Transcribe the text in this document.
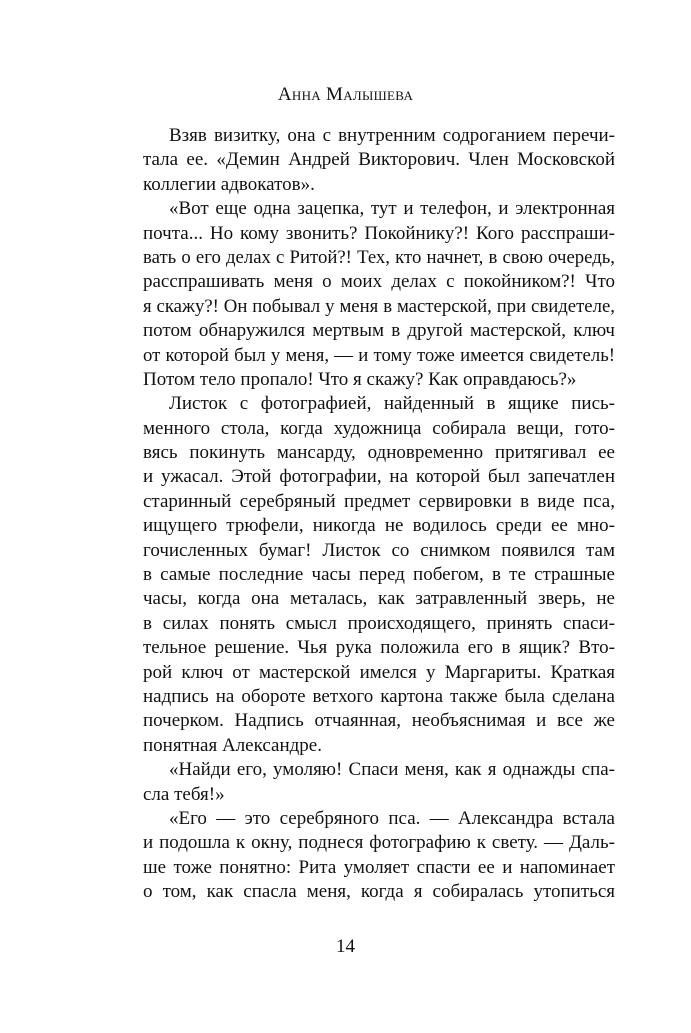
Анна Малышева
Взяв визитку, она с внутренним содроганием перечи-
тала ее. «Демин Андрей Викторович. Член Московской
коллегии адвокатов».
«Вот еще одна зацепка, тут и телефон, и электронная
почта... Но кому звонить? Покойнику?! Кого расспраши-
вать о его делах с Ритой?! Тех, кто начнет, в свою очередь,
расспрашивать меня о моих делах с покойником?! Что
я скажу?! Он побывал у меня в мастерской, при свидетеле,
потом обнаружился мертвым в другой мастерской, ключ
от которой был у меня, — и тому тоже имеется свидетель!
Потом тело пропало! Что я скажу? Как оправдаюсь?»
Листок с фотографией, найденный в ящике пись-
менного стола, когда художница собирала вещи, гото-
вясь покинуть мансарду, одновременно притягивал ее
и ужасал. Этой фотографии, на которой был запечатлен
старинный серебряный предмет сервировки в виде пса,
ищущего трюфели, никогда не водилось среди ее мно-
гочисленных бумаг! Листок со снимком появился там
в самые последние часы перед побегом, в те страшные
часы, когда она металась, как затравленный зверь, не
в силах понять смысл происходящего, принять спаси-
тельное решение. Чья рука положила его в ящик? Вто-
рой ключ от мастерской имелся у Маргариты. Краткая
надпись на обороте ветхого картона также была сделана
почерком. Надпись отчаянная, необъяснимая и все же
понятная Александре.
«Найди его, умоляю! Спаси меня, как я однажды спа-
сла тебя!»
«Его — это серебряного пса. — Александра встала
и подошла к окну, поднеся фотографию к свету. — Даль-
ше тоже понятно: Рита умоляет спасти ее и напоминает
о том, как спасла меня, когда я собиралась утопиться
14
